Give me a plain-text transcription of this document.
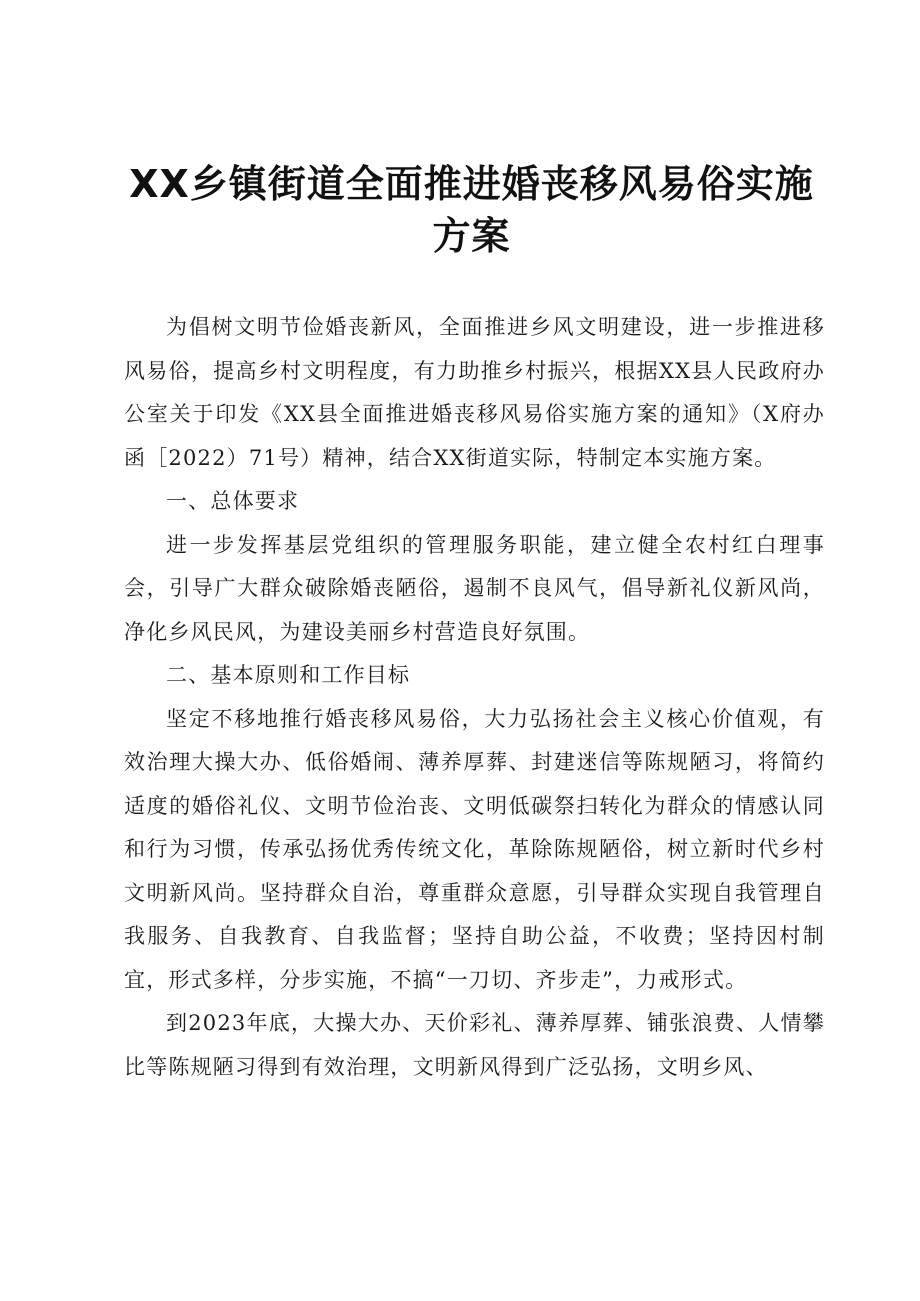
XX乡镇街道全面推进婚丧移风易俗实施方案

为倡树文明节俭婚丧新风，全面推进乡风文明建设，进一步推进移风易俗，提高乡村文明程度，有力助推乡村振兴，根据XX县人民政府办公室关于印发《XX县全面推进婚丧移风易俗实施方案的通知》（X府办函［2022）71号）精神，结合XX街道实际，特制定本实施方案。

一、总体要求

进一步发挥基层党组织的管理服务职能，建立健全农村红白理事会，引导广大群众破除婚丧陋俗，遏制不良风气，倡导新礼仪新风尚，净化乡风民风，为建设美丽乡村营造良好氛围。

二、基本原则和工作目标

坚定不移地推行婚丧移风易俗，大力弘扬社会主义核心价值观，有效治理大操大办、低俗婚闹、薄养厚葬、封建迷信等陈规陋习，将简约适度的婚俗礼仪、文明节俭治丧、文明低碳祭扫转化为群众的情感认同和行为习惯，传承弘扬优秀传统文化，革除陈规陋俗，树立新时代乡村文明新风尚。坚持群众自治，尊重群众意愿，引导群众实现自我管理自我服务、自我教育、自我监督；坚持自助公益，不收费；坚持因村制宜，形式多样，分步实施，不搞“一刀切、齐步走”，力戒形式。

到2023年底，大操大办、天价彩礼、薄养厚葬、铺张浪费、人情攀比等陈规陋习得到有效治理，文明新风得到广泛弘扬，文明乡风、
